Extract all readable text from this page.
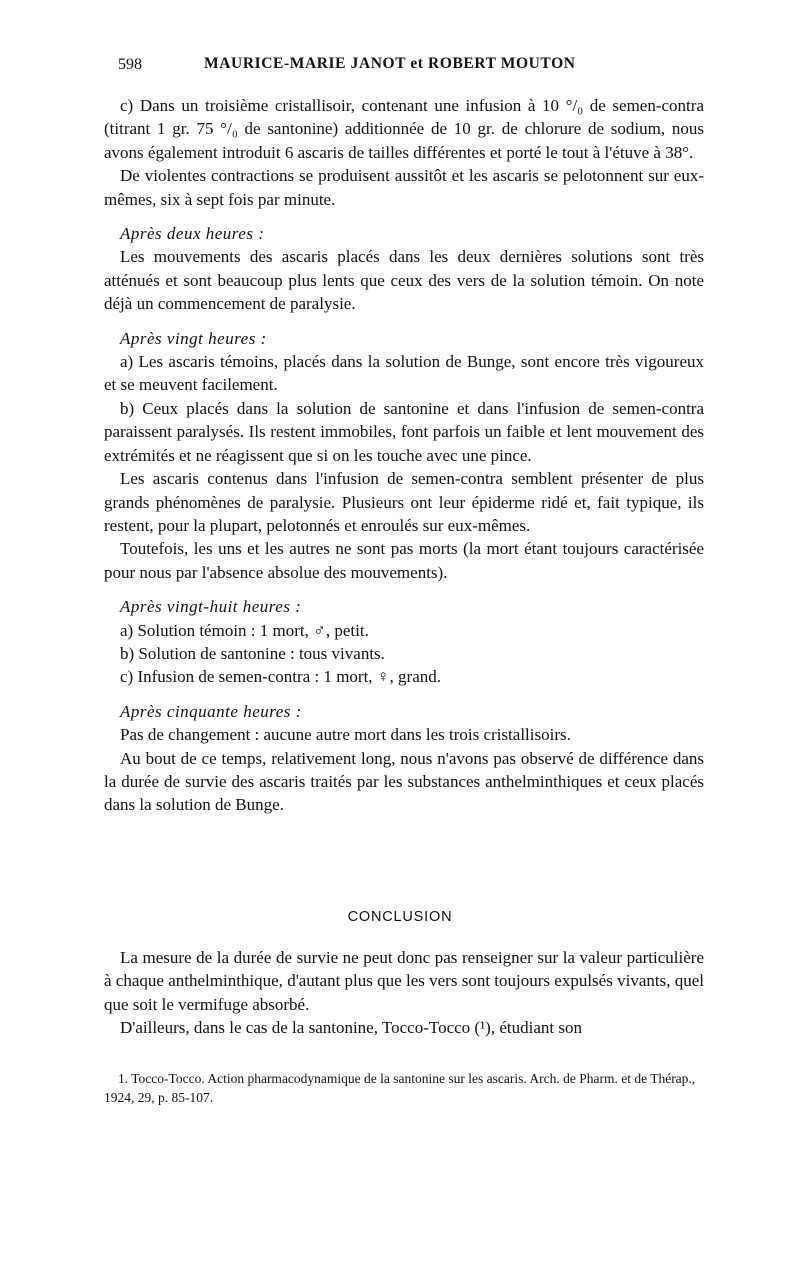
598	MAURICE-MARIE JANOT et ROBERT MOUTON

c) Dans un troisième cristallisoir, contenant une infusion à 10 °/₀ de semen-contra (titrant 1 gr. 75 °/₀ de santonine) additionnée de 10 gr. de chlorure de sodium, nous avons également introduit 6 ascaris de tailles différentes et porté le tout à l'étuve à 38°.

De violentes contractions se produisent aussitôt et les ascaris se pelotonnent sur eux-mêmes, six à sept fois par minute.

Après deux heures :

Les mouvements des ascaris placés dans les deux dernières solutions sont très atténués et sont beaucoup plus lents que ceux des vers de la solution témoin. On note déjà un commencement de paralysie.

Après vingt heures :

a) Les ascaris témoins, placés dans la solution de Bunge, sont encore très vigoureux et se meuvent facilement.

b) Ceux placés dans la solution de santonine et dans l'infusion de semen-contra paraissent paralysés. Ils restent immobiles, font parfois un faible et lent mouvement des extrémités et ne réagissent que si on les touche avec une pince.

Les ascaris contenus dans l'infusion de semen-contra semblent présenter de plus grands phénomènes de paralysie. Plusieurs ont leur épiderme ridé et, fait typique, ils restent, pour la plupart, pelotonnés et enroulés sur eux-mêmes.

Toutefois, les uns et les autres ne sont pas morts (la mort étant toujours caractérisée pour nous par l'absence absolue des mouvements).

Après vingt-huit heures :

a) Solution témoin : 1 mort, ♂, petit.

b) Solution de santonine : tous vivants.

c) Infusion de semen-contra : 1 mort, ♀, grand.

Après cinquante heures :

Pas de changement : aucune autre mort dans les trois cristallisoirs.

Au bout de ce temps, relativement long, nous n'avons pas observé de différence dans la durée de survie des ascaris traités par les substances anthelminthiques et ceux placés dans la solution de Bunge.

CONCLUSION

La mesure de la durée de survie ne peut donc pas renseigner sur la valeur particulière à chaque anthelminthique, d'autant plus que les vers sont toujours expulsés vivants, quel que soit le vermifuge absorbé.

D'ailleurs, dans le cas de la santonine, Tocco-Tocco (¹), étudiant son

1. Tocco-Tocco. Action pharmacodynamique de la santonine sur les ascaris. Arch. de Pharm. et de Thérap., 1924, 29, p. 85-107.
